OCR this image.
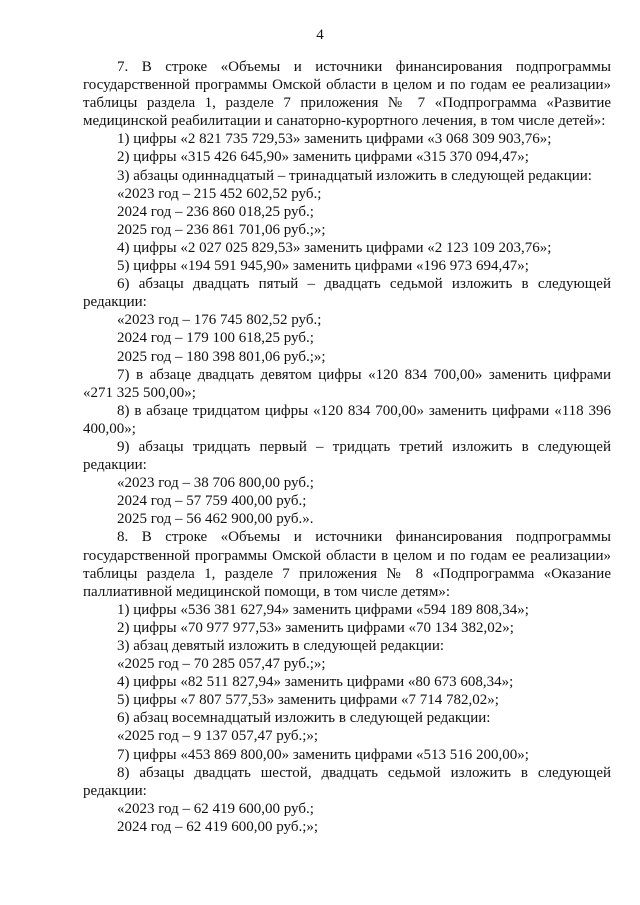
4

7. В строке «Объемы и источники финансирования подпрограммы государственной программы Омской области в целом и по годам ее реализации» таблицы раздела 1, разделе 7 приложения № 7 «Подпрограмма «Развитие медицинской реабилитации и санаторно-курортного лечения, в том числе детей»:

1) цифры «2 821 735 729,53» заменить цифрами «3 068 309 903,76»;

2) цифры «315 426 645,90» заменить цифрами «315 370 094,47»;

3) абзацы одиннадцатый – тринадцатый изложить в следующей редакции:

«2023 год – 215 452 602,52 руб.;

2024 год – 236 860 018,25 руб.;

2025 год – 236 861 701,06 руб.;»;

4) цифры «2 027 025 829,53» заменить цифрами «2 123 109 203,76»;

5) цифры «194 591 945,90» заменить цифрами «196 973 694,47»;

6) абзацы двадцать пятый – двадцать седьмой изложить в следующей редакции:

«2023 год – 176 745 802,52 руб.;

2024 год – 179 100 618,25 руб.;

2025 год – 180 398 801,06 руб.;»;

7) в абзаце двадцать девятом цифры «120 834 700,00» заменить цифрами «271 325 500,00»;

8) в абзаце тридцатом цифры «120 834 700,00» заменить цифрами «118 396 400,00»;

9) абзацы тридцать первый – тридцать третий изложить в следующей редакции:

«2023 год – 38 706 800,00 руб.;

2024 год – 57 759 400,00 руб.;

2025 год – 56 462 900,00 руб.».

8. В строке «Объемы и источники финансирования подпрограммы государственной программы Омской области в целом и по годам ее реализации» таблицы раздела 1, разделе 7 приложения № 8 «Подпрограмма «Оказание паллиативной медицинской помощи, в том числе детям»:

1) цифры «536 381 627,94» заменить цифрами «594 189 808,34»;

2) цифры «70 977 977,53» заменить цифрами «70 134 382,02»;

3) абзац девятый изложить в следующей редакции:

«2025 год – 70 285 057,47 руб.;»;

4) цифры «82 511 827,94» заменить цифрами «80 673 608,34»;

5) цифры «7 807 577,53» заменить цифрами «7 714 782,02»;

6) абзац восемнадцатый изложить в следующей редакции:

«2025 год – 9 137 057,47 руб.;»;

7) цифры «453 869 800,00» заменить цифрами «513 516 200,00»;

8) абзацы двадцать шестой, двадцать седьмой изложить в следующей редакции:

«2023 год – 62 419 600,00 руб.;

2024 год – 62 419 600,00 руб.;»;
